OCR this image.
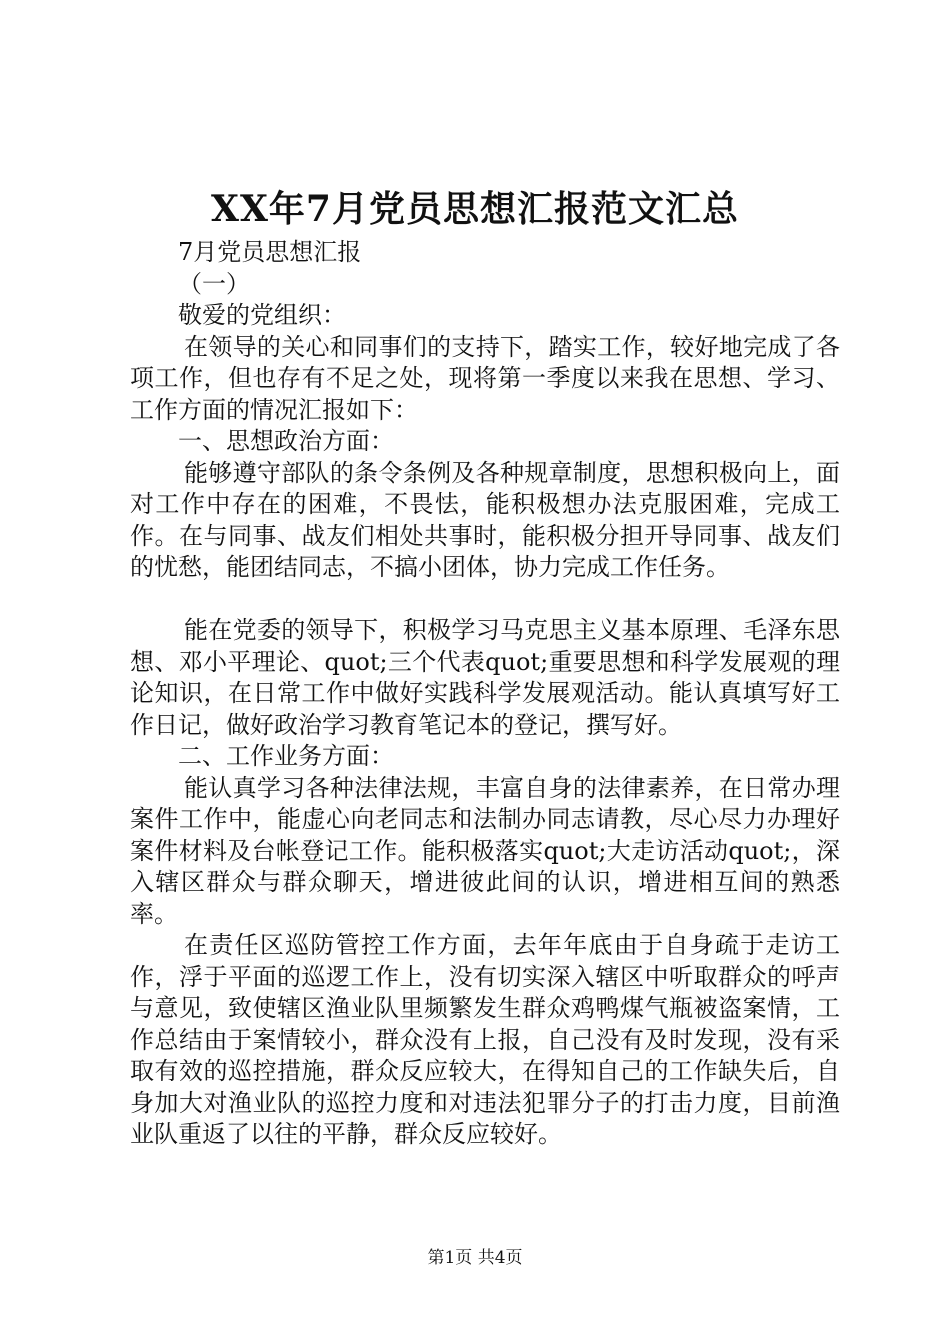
XX年7月党员思想汇报范文汇总

7月党员思想汇报

（一）

敬爱的党组织：

在领导的关心和同事们的支持下，踏实工作，较好地完成了各项工作，但也存有不足之处，现将第一季度以来我在思想、学习、工作方面的情况汇报如下：

一、思想政治方面：

能够遵守部队的条令条例及各种规章制度，思想积极向上，面对工作中存在的困难，不畏怯，能积极想办法克服困难，完成工作。在与同事、战友们相处共事时，能积极分担开导同事、战友们的忧愁，能团结同志，不搞小团体，协力完成工作任务。

能在党委的领导下，积极学习马克思主义基本原理、毛泽东思想、邓小平理论、quot;三个代表quot;重要思想和科学发展观的理论知识，在日常工作中做好实践科学发展观活动。能认真填写好工作日记，做好政治学习教育笔记本的登记，撰写好。

二、工作业务方面：

能认真学习各种法律法规，丰富自身的法律素养，在日常办理案件工作中，能虚心向老同志和法制办同志请教，尽心尽力办理好案件材料及台帐登记工作。能积极落实quot;大走访活动quot;，深入辖区群众与群众聊天，增进彼此间的认识，增进相互间的熟悉率。

在责任区巡防管控工作方面，去年年底由于自身疏于走访工作，浮于平面的巡逻工作上，没有切实深入辖区中听取群众的呼声与意见，致使辖区渔业队里频繁发生群众鸡鸭煤气瓶被盗案情，工作总结由于案情较小，群众没有上报，自己没有及时发现，没有采取有效的巡控措施，群众反应较大，在得知自己的工作缺失后，自身加大对渔业队的巡控力度和对违法犯罪分子的打击力度，目前渔业队重返了以往的平静，群众反应较好。

第1页 共4页
